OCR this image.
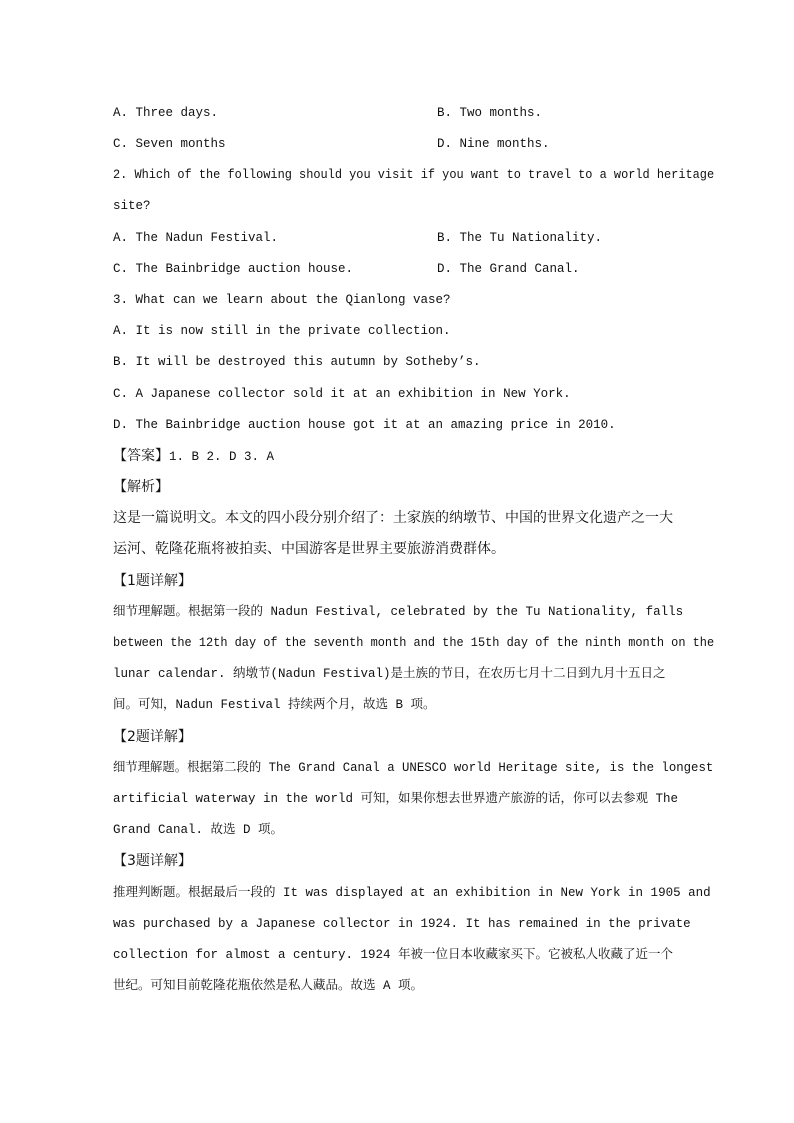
A. Three days.	B. Two months.
C. Seven months	D. Nine months.
2. Which of the following should you visit if you want to travel to a world heritage
site?
A. The Nadun Festival.	B. The Tu Nationality.
C. The Bainbridge auction house.	D. The Grand Canal.
3. What can we learn about the Qianlong vase?
A. It is now still in the private collection.
B. It will be destroyed this autumn by Sotheby’s.
C. A Japanese collector sold it at an exhibition in New York.
D. The Bainbridge auction house got it at an amazing price in 2010.
【答案】1. B 2. D 3. A
【解析】
这是一篇说明文。本文的四小段分别介绍了：土家族的纳墩节、中国的世界文化遗产之一大
运河、乾隆花瓶将被拍卖、中国游客是世界主要旅游消费群体。
【1题详解】
细节理解题。根据第一段的 Nadun Festival, celebrated by the Tu Nationality, falls
between the 12th day of the seventh month and the 15th day of the ninth month on the
lunar calendar. 纳墩节(Nadun Festival)是土族的节日，在农历七月十二日到九月十五日之
间。可知，Nadun Festival 持续两个月，故选 B 项。
【2题详解】
细节理解题。根据第二段的 The Grand Canal a UNESCO world Heritage site, is the longest
artificial waterway in the world 可知，如果你想去世界遗产旅游的话，你可以去参观 The
Grand Canal. 故选 D 项。
【3题详解】
推理判断题。根据最后一段的 It was displayed at an exhibition in New York in 1905 and
was purchased by a Japanese collector in 1924. It has remained in the private
collection for almost a century. 1924 年被一位日本收藏家买下。它被私人收藏了近一个
世纪。可知目前乾隆花瓶依然是私人藏品。故选 A 项。
